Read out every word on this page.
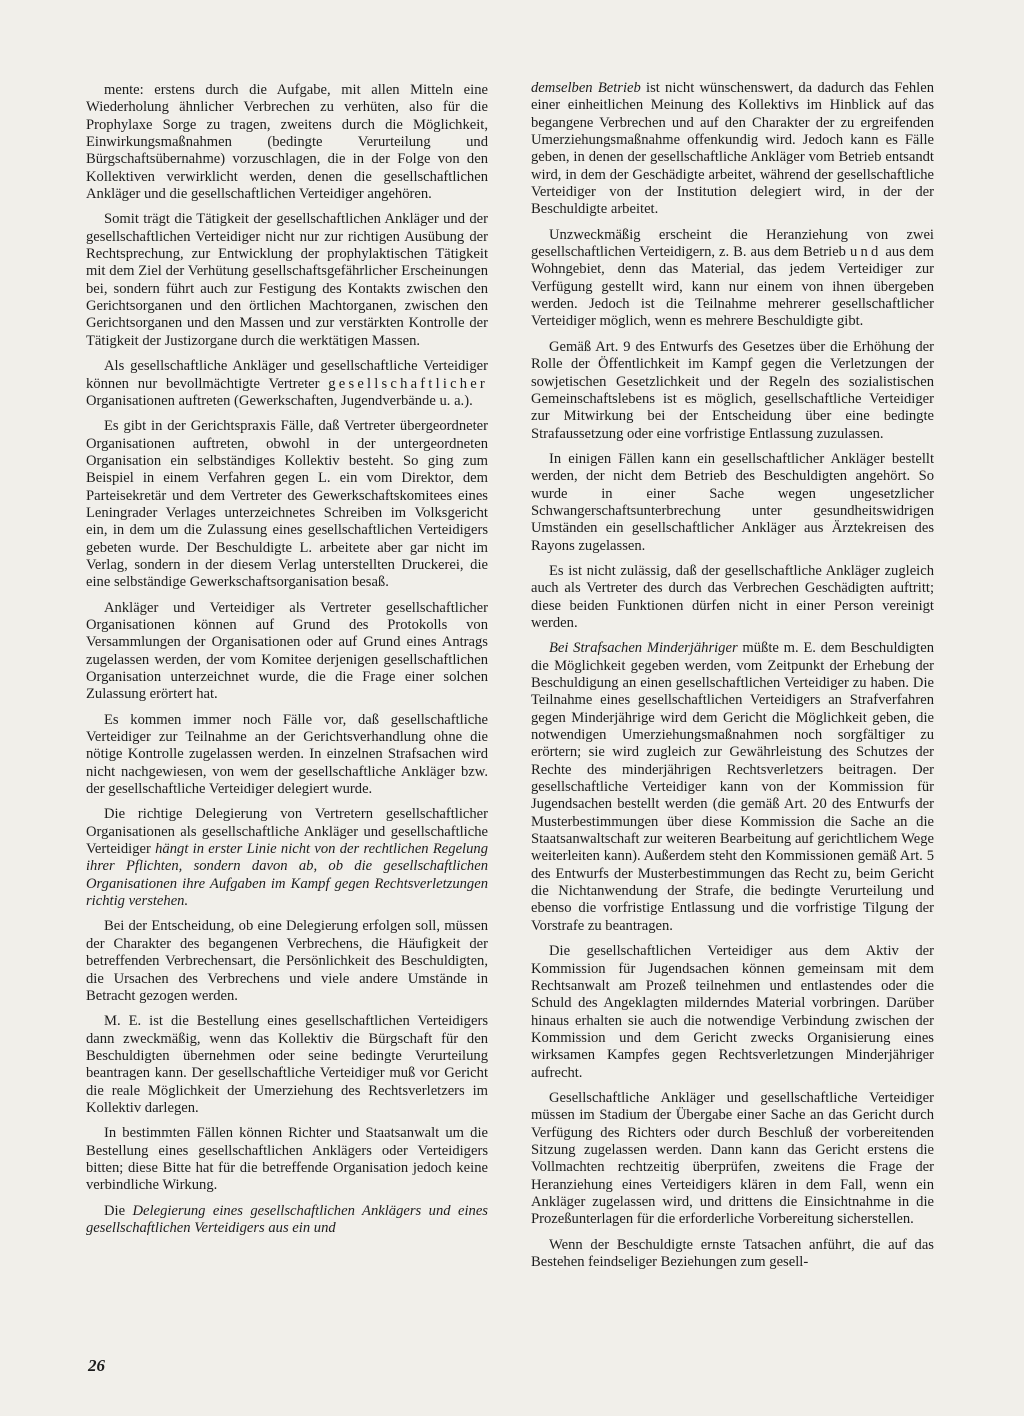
mente: erstens durch die Aufgabe, mit allen Mitteln eine Wiederholung ähnlicher Verbrechen zu verhüten, also für die Prophylaxe Sorge zu tragen, zweitens durch die Möglichkeit, Einwirkungsmaßnahmen (bedingte Verurteilung und Bürgschaftsübernahme) vorzuschlagen, die in der Folge von den Kollektiven verwirklicht werden, denen die gesellschaftlichen Ankläger und die gesellschaftlichen Verteidiger angehören.

Somit trägt die Tätigkeit der gesellschaftlichen Ankläger und der gesellschaftlichen Verteidiger nicht nur zur richtigen Ausübung der Rechtsprechung, zur Entwicklung der prophylaktischen Tätigkeit mit dem Ziel der Verhütung gesellschaftsgefährlicher Erscheinungen bei, sondern führt auch zur Festigung des Kontakts zwischen den Gerichtsorganen und den örtlichen Machtorganen, zwischen den Gerichtsorganen und den Massen und zur verstärkten Kontrolle der Tätigkeit der Justizorgane durch die werktätigen Massen.

Als gesellschaftliche Ankläger und gesellschaftliche Verteidiger können nur bevollmächtigte Vertreter gesellschaftlicher Organisationen auftreten (Gewerkschaften, Jugendverbände u. a.).

Es gibt in der Gerichtspraxis Fälle, daß Vertreter übergeordneter Organisationen auftreten, obwohl in der untergeordneten Organisation ein selbständiges Kollektiv besteht. So ging zum Beispiel in einem Verfahren gegen L. ein vom Direktor, dem Parteisekretär und dem Vertreter des Gewerkschaftskomitees eines Leningrader Verlages unterzeichnetes Schreiben im Volksgericht ein, in dem um die Zulassung eines gesellschaftlichen Verteidigers gebeten wurde. Der Beschuldigte L. arbeitete aber gar nicht im Verlag, sondern in der diesem Verlag unterstellten Druckerei, die eine selbständige Gewerkschaftsorganisation besaß.

Ankläger und Verteidiger als Vertreter gesellschaftlicher Organisationen können auf Grund des Protokolls von Versammlungen der Organisationen oder auf Grund eines Antrags zugelassen werden, der vom Komitee derjenigen gesellschaftlichen Organisation unterzeichnet wurde, die die Frage einer solchen Zulassung erörtert hat.

Es kommen immer noch Fälle vor, daß gesellschaftliche Verteidiger zur Teilnahme an der Gerichtsverhandlung ohne die nötige Kontrolle zugelassen werden. In einzelnen Strafsachen wird nicht nachgewiesen, von wem der gesellschaftliche Ankläger bzw. der gesellschaftliche Verteidiger delegiert wurde.

Die richtige Delegierung von Vertretern gesellschaftlicher Organisationen als gesellschaftliche Ankläger und gesellschaftliche Verteidiger hängt in erster Linie nicht von der rechtlichen Regelung ihrer Pflichten, sondern davon ab, ob die gesellschaftlichen Organisationen ihre Aufgaben im Kampf gegen Rechtsverletzungen richtig verstehen.

Bei der Entscheidung, ob eine Delegierung erfolgen soll, müssen der Charakter des begangenen Verbrechens, die Häufigkeit der betreffenden Verbrechensart, die Persönlichkeit des Beschuldigten, die Ursachen des Verbrechens und viele andere Umstände in Betracht gezogen werden.

M. E. ist die Bestellung eines gesellschaftlichen Verteidigers dann zweckmäßig, wenn das Kollektiv die Bürgschaft für den Beschuldigten übernehmen oder seine bedingte Verurteilung beantragen kann. Der gesellschaftliche Verteidiger muß vor Gericht die reale Möglichkeit der Umerziehung des Rechtsverletzers im Kollektiv darlegen.

In bestimmten Fällen können Richter und Staatsanwalt um die Bestellung eines gesellschaftlichen Anklägers oder Verteidigers bitten; diese Bitte hat für die betreffende Organisation jedoch keine verbindliche Wirkung.

Die Delegierung eines gesellschaftlichen Anklägers und eines gesellschaftlichen Verteidigers aus ein und

demselben Betrieb ist nicht wünschenswert, da dadurch das Fehlen einer einheitlichen Meinung des Kollektivs im Hinblick auf das begangene Verbrechen und auf den Charakter der zu ergreifenden Umerziehungsmaßnahme offenkundig wird. Jedoch kann es Fälle geben, in denen der gesellschaftliche Ankläger vom Betrieb entsandt wird, in dem der Geschädigte arbeitet, während der gesellschaftliche Verteidiger von der Institution delegiert wird, in der der Beschuldigte arbeitet.

Unzweckmäßig erscheint die Heranziehung von zwei gesellschaftlichen Verteidigern, z. B. aus dem Betrieb und aus dem Wohngebiet, denn das Material, das jedem Verteidiger zur Verfügung gestellt wird, kann nur einem von ihnen übergeben werden. Jedoch ist die Teilnahme mehrerer gesellschaftlicher Verteidiger möglich, wenn es mehrere Beschuldigte gibt.

Gemäß Art. 9 des Entwurfs des Gesetzes über die Erhöhung der Rolle der Öffentlichkeit im Kampf gegen die Verletzungen der sowjetischen Gesetzlichkeit und der Regeln des sozialistischen Gemeinschaftslebens ist es möglich, gesellschaftliche Verteidiger zur Mitwirkung bei der Entscheidung über eine bedingte Strafaussetzung oder eine vorfristige Entlassung zuzulassen.

In einigen Fällen kann ein gesellschaftlicher Ankläger bestellt werden, der nicht dem Betrieb des Beschuldigten angehört. So wurde in einer Sache wegen ungesetzlicher Schwangerschaftsunterbrechung unter gesundheitswidrigen Umständen ein gesellschaftlicher Ankläger aus Ärztekreisen des Rayons zugelassen.

Es ist nicht zulässig, daß der gesellschaftliche Ankläger zugleich auch als Vertreter des durch das Verbrechen Geschädigten auftritt; diese beiden Funktionen dürfen nicht in einer Person vereinigt werden.

Bei Strafsachen Minderjähriger müßte m. E. dem Beschuldigten die Möglichkeit gegeben werden, vom Zeitpunkt der Erhebung der Beschuldigung an einen gesellschaftlichen Verteidiger zu haben. Die Teilnahme eines gesellschaftlichen Verteidigers an Strafverfahren gegen Minderjährige wird dem Gericht die Möglichkeit geben, die notwendigen Umerziehungsmaßnahmen noch sorgfältiger zu erörtern; sie wird zugleich zur Gewährleistung des Schutzes der Rechte des minderjährigen Rechtsverletzers beitragen. Der gesellschaftliche Verteidiger kann von der Kommission für Jugendsachen bestellt werden (die gemäß Art. 20 des Entwurfs der Musterbestimmungen über diese Kommission die Sache an die Staatsanwaltschaft zur weiteren Bearbeitung auf gerichtlichem Wege weiterleiten kann). Außerdem steht den Kommissionen gemäß Art. 5 des Entwurfs der Musterbestimmungen das Recht zu, beim Gericht die Nichtanwendung der Strafe, die bedingte Verurteilung und ebenso die vorfristige Entlassung und die vorfristige Tilgung der Vorstrafe zu beantragen.

Die gesellschaftlichen Verteidiger aus dem Aktiv der Kommission für Jugendsachen können gemeinsam mit dem Rechtsanwalt am Prozeß teilnehmen und entlastendes oder die Schuld des Angeklagten milderndes Material vorbringen. Darüber hinaus erhalten sie auch die notwendige Verbindung zwischen der Kommission und dem Gericht zwecks Organisierung eines wirksamen Kampfes gegen Rechtsverletzungen Minderjähriger aufrecht.

Gesellschaftliche Ankläger und gesellschaftliche Verteidiger müssen im Stadium der Übergabe einer Sache an das Gericht durch Verfügung des Richters oder durch Beschluß der vorbereitenden Sitzung zugelassen werden. Dann kann das Gericht erstens die Vollmachten rechtzeitig überprüfen, zweitens die Frage der Heranziehung eines Verteidigers klären in dem Fall, wenn ein Ankläger zugelassen wird, und drittens die Einsichtnahme in die Prozeßunterlagen für die erforderliche Vorbereitung sicherstellen.

Wenn der Beschuldigte ernste Tatsachen anführt, die auf das Bestehen feindseliger Beziehungen zum gesell-

26
